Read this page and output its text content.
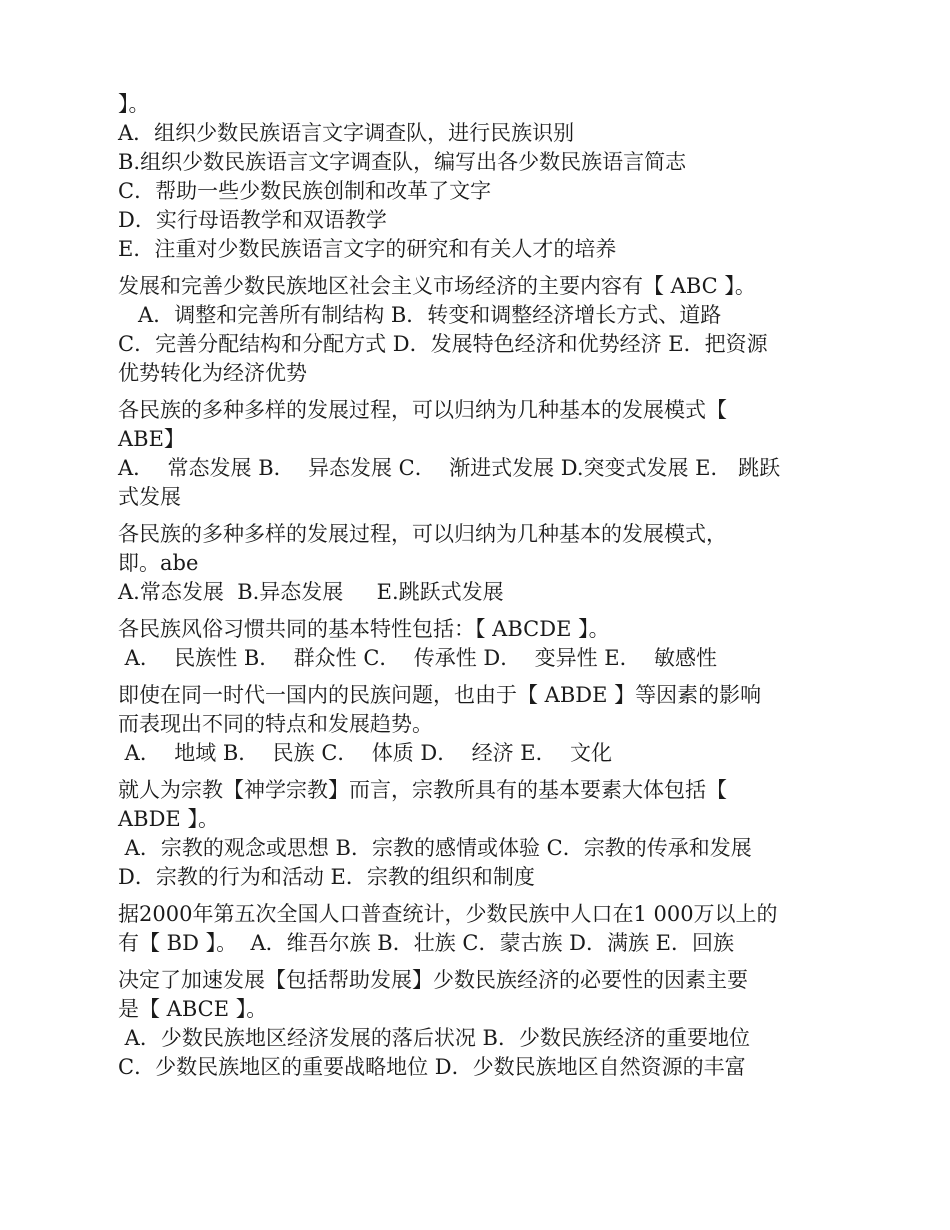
】。
A．组织少数民族语言文字调查队，进行民族识别
B.组织少数民族语言文字调查队，编写出各少数民族语言简志
C．帮助一些少数民族创制和改革了文字
D．实行母语教学和双语教学
E．注重对少数民族语言文字的研究和有关人才的培养
发展和完善少数民族地区社会主义市场经济的主要内容有【 ABC 】。
A．调整和完善所有制结构 B．转变和调整经济增长方式、道路
C．完善分配结构和分配方式 D．发展特色经济和优势经济 E．把资源
优势转化为经济优势
各民族的多种多样的发展过程，可以归纳为几种基本的发展模式【
ABE】
A．  常态发展 B．  异态发展 C．  渐进式发展 D.突变式发展 E． 跳跃
式发展
各民族的多种多样的发展过程，可以归纳为几种基本的发展模式，
即。abe
A.常态发展  B.异态发展     E.跳跃式发展
各民族风俗习惯共同的基本特性包括：【 ABCDE 】。
A．  民族性 B．  群众性 C．  传承性 D．  变异性 E．  敏感性
即使在同一时代一国内的民族问题，也由于【 ABDE 】等因素的影响
而表现出不同的特点和发展趋势。
A．  地域 B．  民族 C．  体质 D．  经济 E．  文化
就人为宗教【神学宗教】而言，宗教所具有的基本要素大体包括【
ABDE 】。
A．宗教的观念或思想 B．宗教的感情或体验 C．宗教的传承和发展
D．宗教的行为和活动 E．宗教的组织和制度
据2000年第五次全国人口普查统计，少数民族中人口在1 000万以上的
有【 BD 】。  A．维吾尔族 B．壮族 C．蒙古族 D．满族 E．回族
决定了加速发展【包括帮助发展】少数民族经济的必要性的因素主要
是【 ABCE 】。
A．少数民族地区经济发展的落后状况 B．少数民族经济的重要地位
C．少数民族地区的重要战略地位 D．少数民族地区自然资源的丰富
